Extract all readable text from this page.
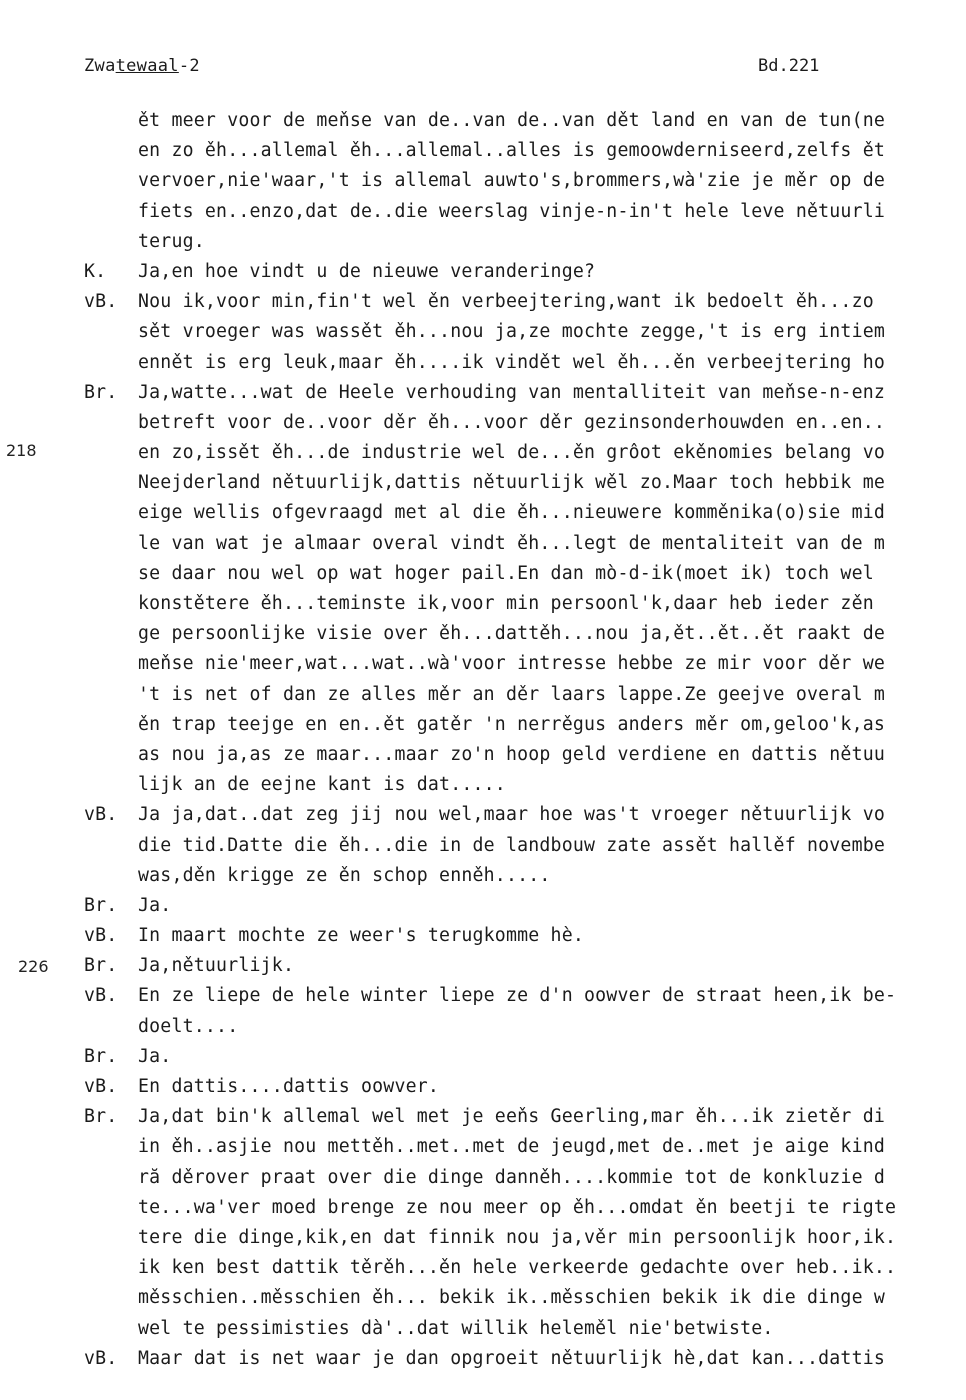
Zwatewaal-2	Bd.221
218
226
ět meer voor de meňse van de..van de..van dět land en van de tun(ne
en zo ěh...allemal ěh...allemal..alles is gemoowderniseerd,zelfs ět
vervoer,nie'waar,'t is allemal auwto's,brommers,wà'zie je měr op de
fiets en..enzo,dat de..die weerslag vinje-n-in't hele leve nětuurli
terug.
K.	Ja,en hoe vindt u de nieuwe veranderinge?
vB.	Nou ik,voor min,fin't wel ěn verbeejtering,want ik bedoelt ěh...zo
sět vroeger was wassět ěh...nou ja,ze mochte zegge,'t is erg intiem
ennět is erg leuk,maar ěh....ik vindět wel ěh...ěn verbeejtering ho
Br.	Ja,watte...wat de Heele verhouding van mentalliteit van meňse-n-enz
betreft voor de..voor děr ěh...voor děr gezinsonderhouwden en..en..
en zo,issět ěh...de industrie wel de...ěn grôot ekěnomies belang vo
Neejderland nětuurlijk,dattis nětuurlijk wěl zo.Maar toch hebbik me
eige wellis ofgevraagd met al die ěh...nieuwere komměnika(o)sie mid
le van wat je almaar overal vindt ěh...legt de mentaliteit van de m
se daar nou wel op wat hoger pail.En dan mò-d-ik(moet ik) toch wel
konstětere ěh...teminste ik,voor min persoonl'k,daar heb ieder zěn
ge persoonlijke visie over ěh...dattěh...nou ja,ět..ět..ět raakt de
meňse nie'meer,wat...wat..wà'voor intresse hebbe ze mir voor děr we
't is net of dan ze alles měr an děr laars lappe.Ze geejve overal m
ěn trap teejge en en..ět gatěr 'n nerrěgus anders měr om,geloo'k,as
as nou ja,as ze maar...maar zo'n hoop geld verdiene en dattis nětuu
lijk an de eejne kant is dat.....
vB.	Ja ja,dat..dat zeg jij nou wel,maar hoe was't vroeger nětuurlijk vo
die tid.Datte die ěh...die in de landbouw zate assět hallěf novembe
was,děn krigge ze ěn schop enněh.....
Br.	Ja.
vB.	In maart mochte ze weer's terugkomme hè.
Br.	Ja,nětuurlijk.
vB.	En ze liepe de hele winter liepe ze d'n oowver de straat heen,ik be-
doelt....
Br.	Ja.
vB.	En dattis....dattis oowver.
Br.	Ja,dat bin'k allemal wel met je eeňs Geerling,mar ěh...ik zietěr di
in ěh..asjie nou mettěh..met..met de jeugd,met de..met je aige kind
ră děrover praat over die dinge danněh....kommie tot de konkluzie d
te...wa'ver moed brenge ze nou meer op ěh...omdat ěn beetji te rigte
tere die dinge,kik,en dat finnik nou ja,věr min persoonlijk hoor,ik.
ik ken best dattik těrěh...ěn hele verkeerde gedachte over heb..ik..
měsschien..měsschien ěh... bekik ik..měsschien bekik ik die dinge w
wel te pessimisties dà'..dat willik heleměl nie'betwiste.
vB.	Maar dat is net waar je dan opgroeit nětuurlijk hè,dat kan...dattis
